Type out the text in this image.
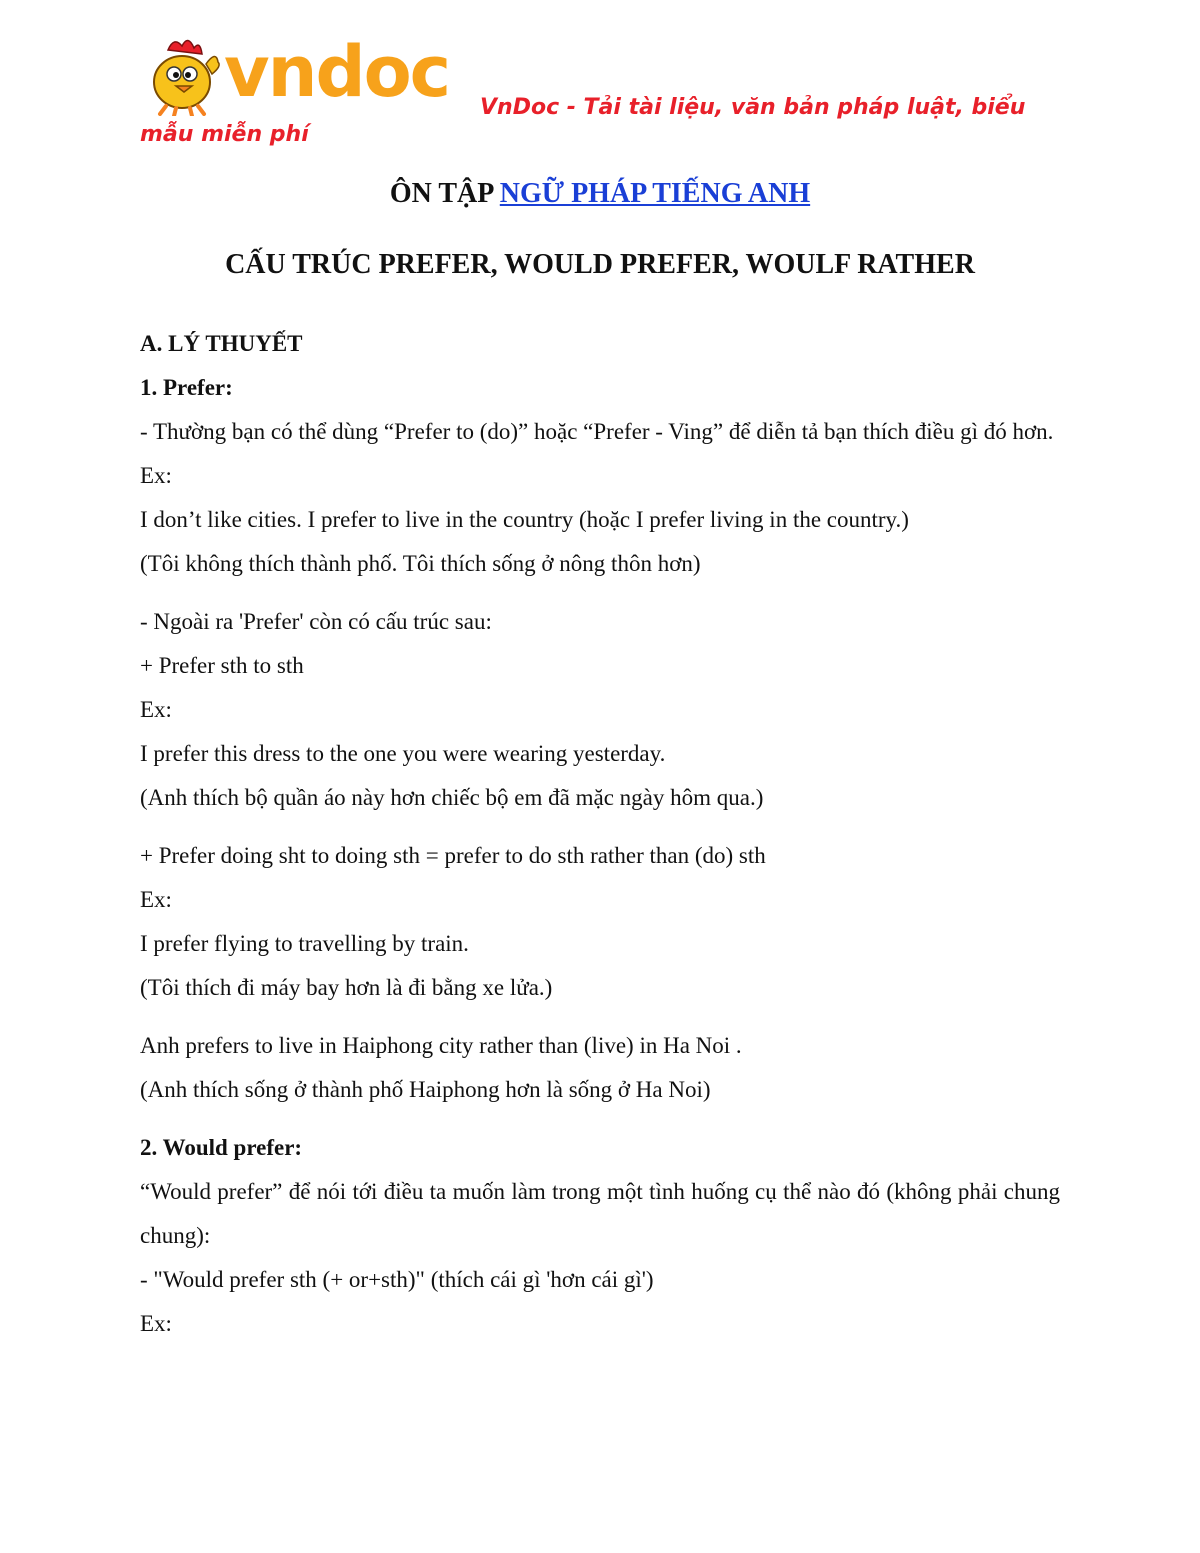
vndoc	VnDoc - Tải tài liệu, văn bản pháp luật, biểu mẫu miễn phí
ÔN TẬP NGỮ PHÁP TIẾNG ANH
CẤU TRÚC PREFER, WOULD PREFER, WOULF RATHER

A. LÝ THUYẾT

1. Prefer:

- Thường bạn có thể dùng “Prefer to (do)” hoặc “Prefer - Ving” để diễn tả bạn thích điều gì đó hơn.

Ex:

I don’t like cities. I prefer to live in the country (hoặc I prefer living in the country.)

(Tôi không thích thành phố. Tôi thích sống ở nông thôn hơn)

- Ngoài ra 'Prefer' còn có cấu trúc sau:

+ Prefer sth to sth

Ex:

I prefer this dress to the one you were wearing yesterday.

(Anh thích bộ quần áo này hơn chiếc bộ em đã mặc ngày hôm qua.)

+ Prefer doing sht to doing sth = prefer to do sth rather than (do) sth

Ex:

I prefer flying to travelling by train.

(Tôi thích đi máy bay hơn là đi bằng xe lửa.)

Anh prefers to live in Haiphong city rather than (live) in Ha Noi .

(Anh thích sống ở thành phố Haiphong hơn là sống ở Ha Noi)

2. Would prefer:

“Would prefer” để nói tới điều ta muốn làm trong một tình huống cụ thể nào đó (không phải chung chung):

- "Would prefer sth (+ or+sth)" (thích cái gì 'hơn cái gì')

Ex:
